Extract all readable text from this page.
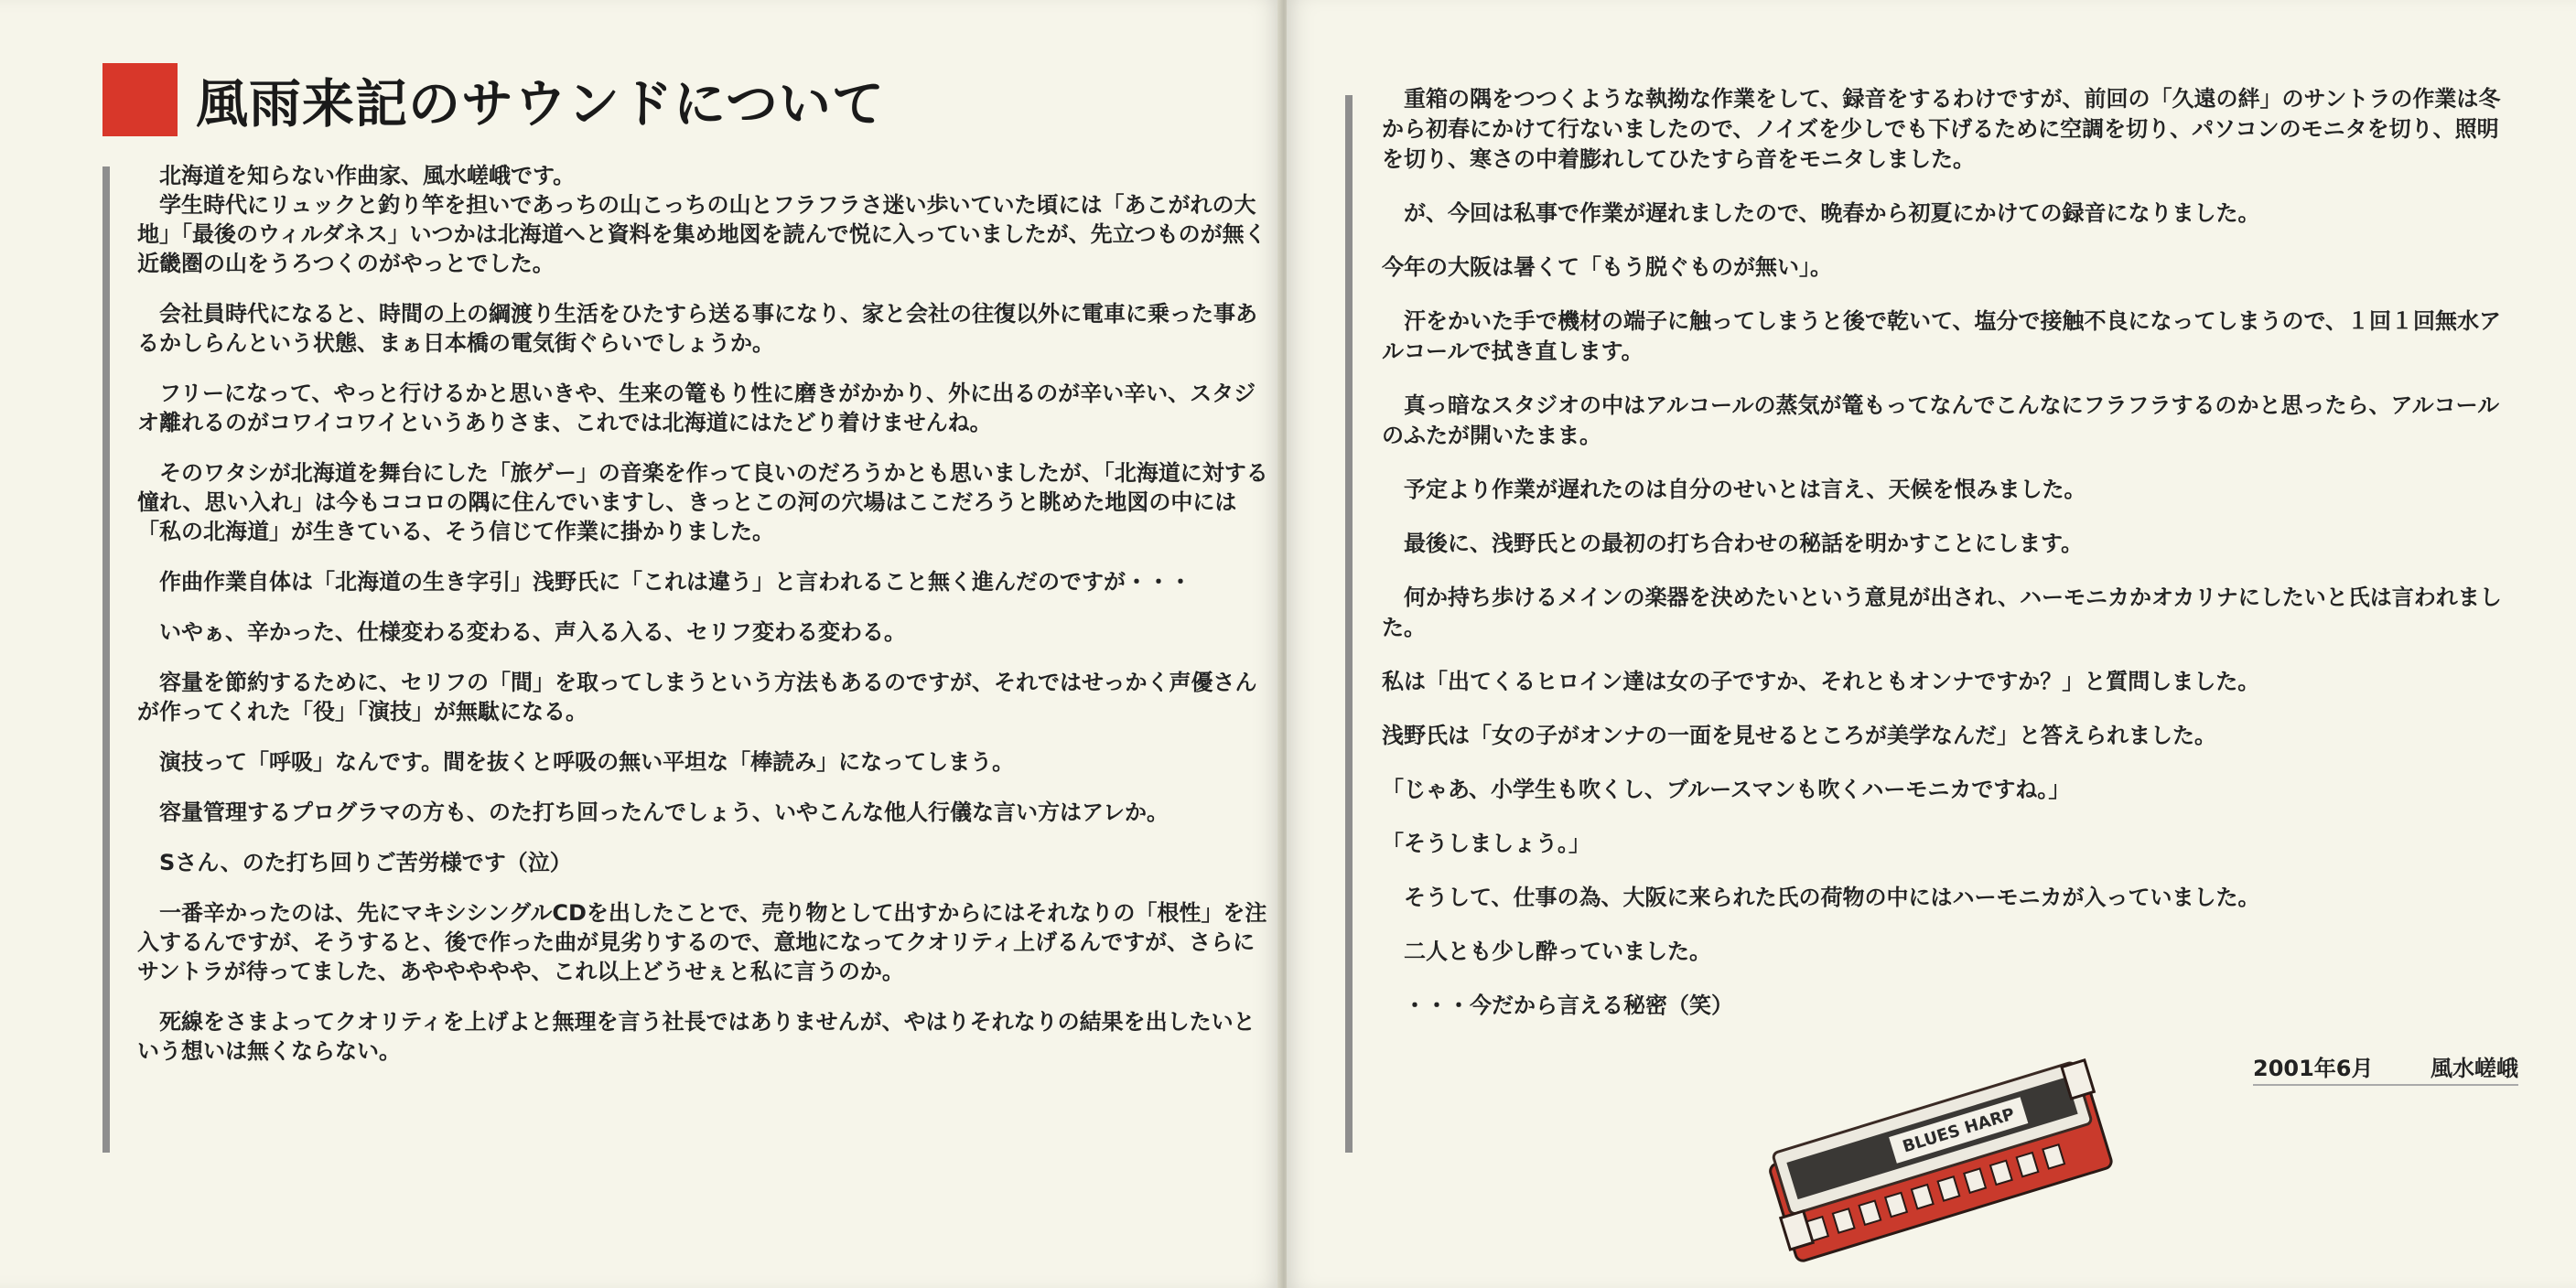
風雨来記のサウンドについて

北海道を知らない作曲家、風水嵯峨です。

学生時代にリュックと釣り竿を担いであっちの山こっちの山とフラフラさ迷い歩いていた頃には「あこがれの大地」「最後のウィルダネス」いつかは北海道へと資料を集め地図を読んで悦に入っていましたが、先立つものが無く近畿圏の山をうろつくのがやっとでした。

会社員時代になると、時間の上の綱渡り生活をひたすら送る事になり、家と会社の往復以外に電車に乗った事あるかしらんという状態、まぁ日本橋の電気街ぐらいでしょうか。

フリーになって、やっと行けるかと思いきや、生来の篭もり性に磨きがかかり、外に出るのが辛い辛い、スタジオ離れるのがコワイコワイというありさま、これでは北海道にはたどり着けませんね。

そのワタシが北海道を舞台にした「旅ゲー」の音楽を作って良いのだろうかとも思いましたが、「北海道に対する憧れ、思い入れ」は今もココロの隅に住んでいますし、きっとこの河の穴場はここだろうと眺めた地図の中には「私の北海道」が生きている、そう信じて作業に掛かりました。

作曲作業自体は「北海道の生き字引」浅野氏に「これは違う」と言われること無く進んだのですが・・・

いやぁ、辛かった、仕様変わる変わる、声入る入る、セリフ変わる変わる。

容量を節約するために、セリフの「間」を取ってしまうという方法もあるのですが、それではせっかく声優さんが作ってくれた「役」「演技」が無駄になる。

演技って「呼吸」なんです。間を抜くと呼吸の無い平坦な「棒読み」になってしまう。

容量管理するプログラマの方も、のた打ち回ったんでしょう、いやこんな他人行儀な言い方はアレか。

Sさん、のた打ち回りご苦労様です（泣）

一番辛かったのは、先にマキシシングルCDを出したことで、売り物として出すからにはそれなりの「根性」を注入するんですが、そうすると、後で作った曲が見劣りするので、意地になってクオリティ上げるんですが、さらにサントラが待ってました、あややややや、これ以上どうせぇと私に言うのか。

死線をさまよってクオリティを上げよと無理を言う社長ではありませんが、やはりそれなりの結果を出したいという想いは無くならない。

重箱の隅をつつくような執拗な作業をして、録音をするわけですが、前回の「久遠の絆」のサントラの作業は冬から初春にかけて行ないましたので、ノイズを少しでも下げるために空調を切り、パソコンのモニタを切り、照明を切り、寒さの中着膨れしてひたすら音をモニタしました。

が、今回は私事で作業が遅れましたので、晩春から初夏にかけての録音になりました。

今年の大阪は暑くて「もう脱ぐものが無い」。

汗をかいた手で機材の端子に触ってしまうと後で乾いて、塩分で接触不良になってしまうので、１回１回無水アルコールで拭き直します。

真っ暗なスタジオの中はアルコールの蒸気が篭もってなんでこんなにフラフラするのかと思ったら、アルコールのふたが開いたまま。

予定より作業が遅れたのは自分のせいとは言え、天候を恨みました。

最後に、浅野氏との最初の打ち合わせの秘話を明かすことにします。

何か持ち歩けるメインの楽器を決めたいという意見が出され、ハーモニカかオカリナにしたいと氏は言われました。

私は「出てくるヒロイン達は女の子ですか、それともオンナですか？」と質問しました。

浅野氏は「女の子がオンナの一面を見せるところが美学なんだ」と答えられました。

「じゃあ、小学生も吹くし、ブルースマンも吹くハーモニカですね。」

「そうしましょう。」

そうして、仕事の為、大阪に来られた氏の荷物の中にはハーモニカが入っていました。

二人とも少し酔っていました。

・・・今だから言える秘密（笑）

2001年6月	風水嵯峨
BLUES HARP
